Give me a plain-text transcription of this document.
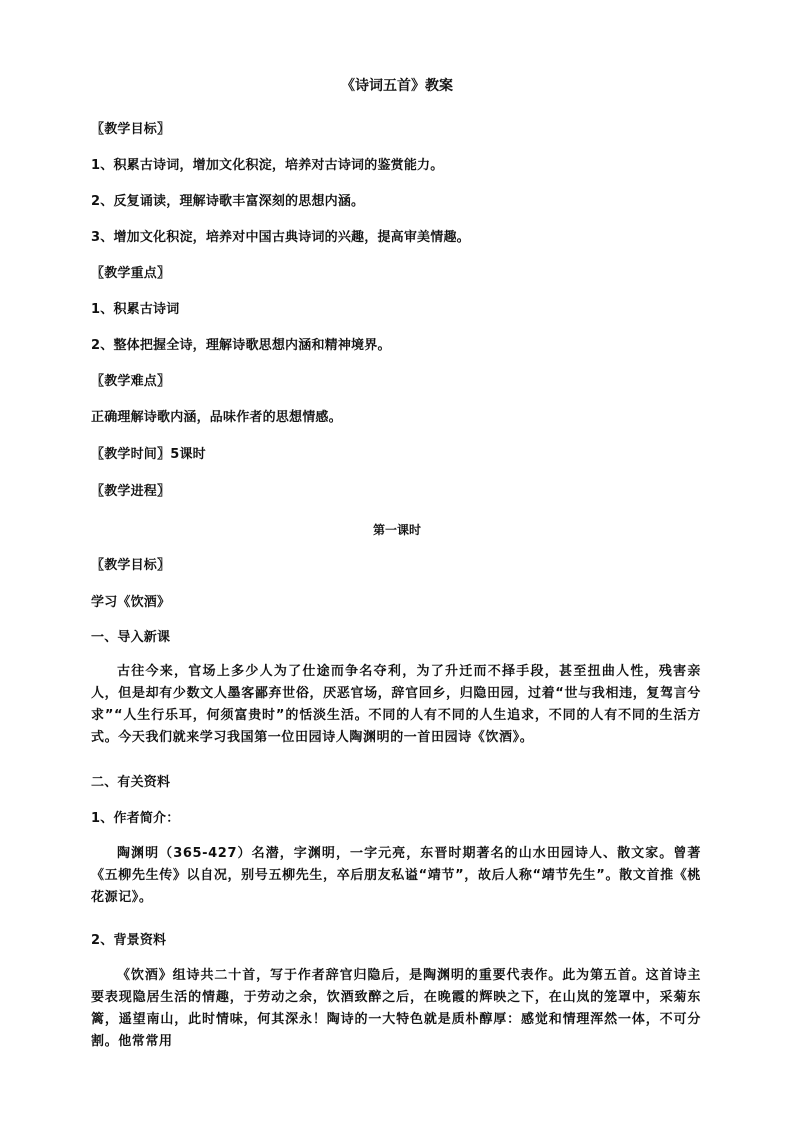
《诗词五首》教案
〖教学目标〗
1、积累古诗词，增加文化积淀，培养对古诗词的鉴赏能力。
2、反复诵读，理解诗歌丰富深刻的思想内涵。
3、增加文化积淀，培养对中国古典诗词的兴趣，提高审美情趣。
〖教学重点〗
1、积累古诗词
2、整体把握全诗，理解诗歌思想内涵和精神境界。
〖教学难点〗
正确理解诗歌内涵，品味作者的思想情感。
〖教学时间〗5课时
〖教学进程〗
第一课时
〖教学目标〗
学习《饮酒》
一、导入新课
古往今来，官场上多少人为了仕途而争名夺利，为了升迁而不择手段，甚至扭曲人性，残害亲人，但是却有少数文人墨客鄙弃世俗，厌恶官场，辞官回乡，归隐田园，过着“世与我相违，复驾言兮求”“人生行乐耳，何须富贵时”的恬淡生活。不同的人有不同的人生追求，不同的人有不同的生活方式。今天我们就来学习我国第一位田园诗人陶渊明的一首田园诗《饮酒》。
二、有关资料
1、作者简介：
陶渊明（365-427）名潜，字渊明，一字元亮，东晋时期著名的山水田园诗人、散文家。曾著《五柳先生传》以自况，别号五柳先生，卒后朋友私谥“靖节”，故后人称“靖节先生”。散文首推《桃花源记》。
2、背景资料
《饮酒》组诗共二十首，写于作者辞官归隐后，是陶渊明的重要代表作。此为第五首。这首诗主要表现隐居生活的情趣，于劳动之余，饮酒致醉之后，在晚霞的辉映之下，在山岚的笼罩中，采菊东篱，遥望南山，此时情味，何其深永！陶诗的一大特色就是质朴醇厚：感觉和情理浑然一体，不可分割。他常常用
